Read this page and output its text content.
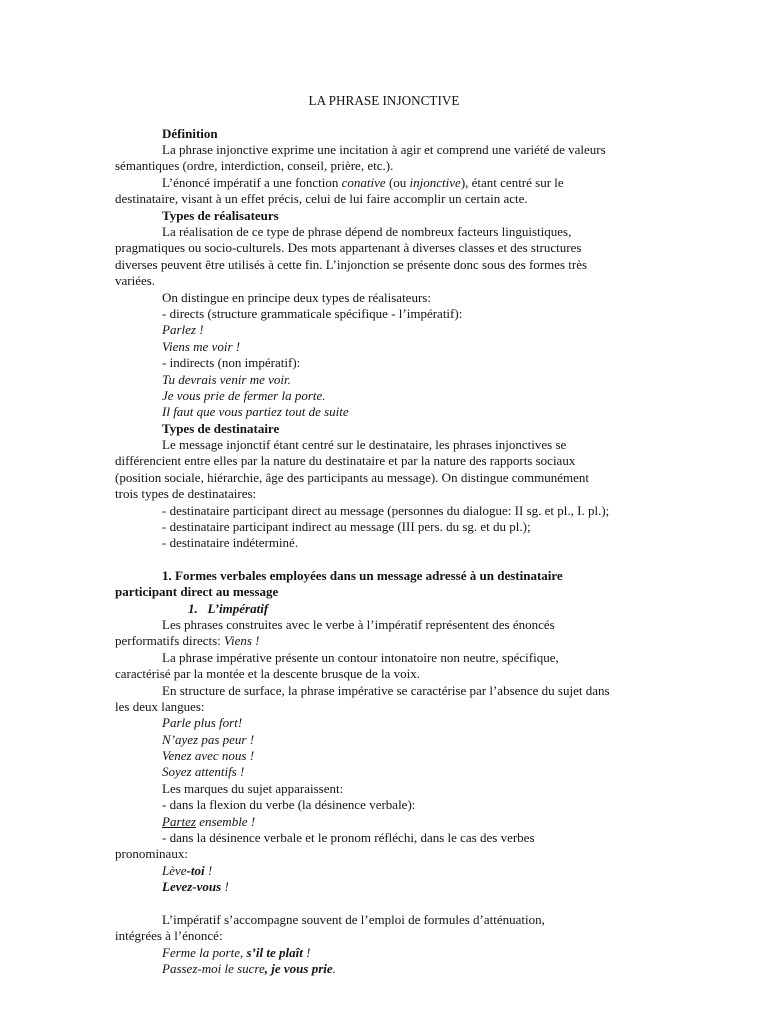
LA PHRASE INJONCTIVE
Définition
La phrase injonctive exprime une incitation à agir et comprend une variété de valeurs
sémantiques (ordre, interdiction, conseil, prière, etc.).
L’énoncé impératif a une fonction conative (ou injonctive), étant centré sur le
destinataire, visant à un effet précis, celui de lui faire accomplir un certain acte.
Types de réalisateurs
La réalisation de ce type de phrase dépend de nombreux facteurs linguistiques,
pragmatiques ou socio-culturels. Des mots appartenant à diverses classes et des structures
diverses peuvent être utilisés à cette fin. L’injonction se présente donc sous des formes très
variées.
On distingue en principe deux types de réalisateurs:
- directs (structure grammaticale spécifique - l’impératif):
Parlez !
Viens me voir !
- indirects (non impératif):
Tu devrais venir me voir.
Je vous prie de fermer la porte.
Il faut que vous partiez tout de suite
Types de destinataire
Le message injonctif étant centré sur le destinataire, les phrases injonctives se
différencient entre elles par la nature du destinataire et par la nature des rapports sociaux
(position sociale, hiérarchie, âge des participants au message). On distingue communément
trois types de destinataires:
- destinataire participant direct au message (personnes du dialogue: II sg. et pl., I. pl.);
- destinataire participant indirect au message (III pers. du sg. et du pl.);
- destinataire indéterminé.
1. Formes verbales employées dans un message adressé à un destinataire
participant direct au message
1. L’impératif
Les phrases construites avec le verbe à l’impératif représentent des énoncés
performatifs directs: Viens !
La phrase impérative présente un contour intonatoire non neutre, spécifique,
caractérisé par la montée et la descente brusque de la voix.
En structure de surface, la phrase impérative se caractérise par l’absence du sujet dans
les deux langues:
Parle plus fort!
N’ayez pas peur !
Venez avec nous !
Soyez attentifs !
Les marques du sujet apparaissent:
- dans la flexion du verbe (la désinence verbale):
Partez ensemble !
- dans la désinence verbale et le pronom réfléchi, dans le cas des verbes
pronominaux:
Lève-toi !
Levez-vous !
L’impératif s’accompagne souvent de l’emploi de formules d’atténuation,
intégrées à l’énoncé:
Ferme la porte, s’il te plaît !
Passez-moi le sucre, je vous prie.
